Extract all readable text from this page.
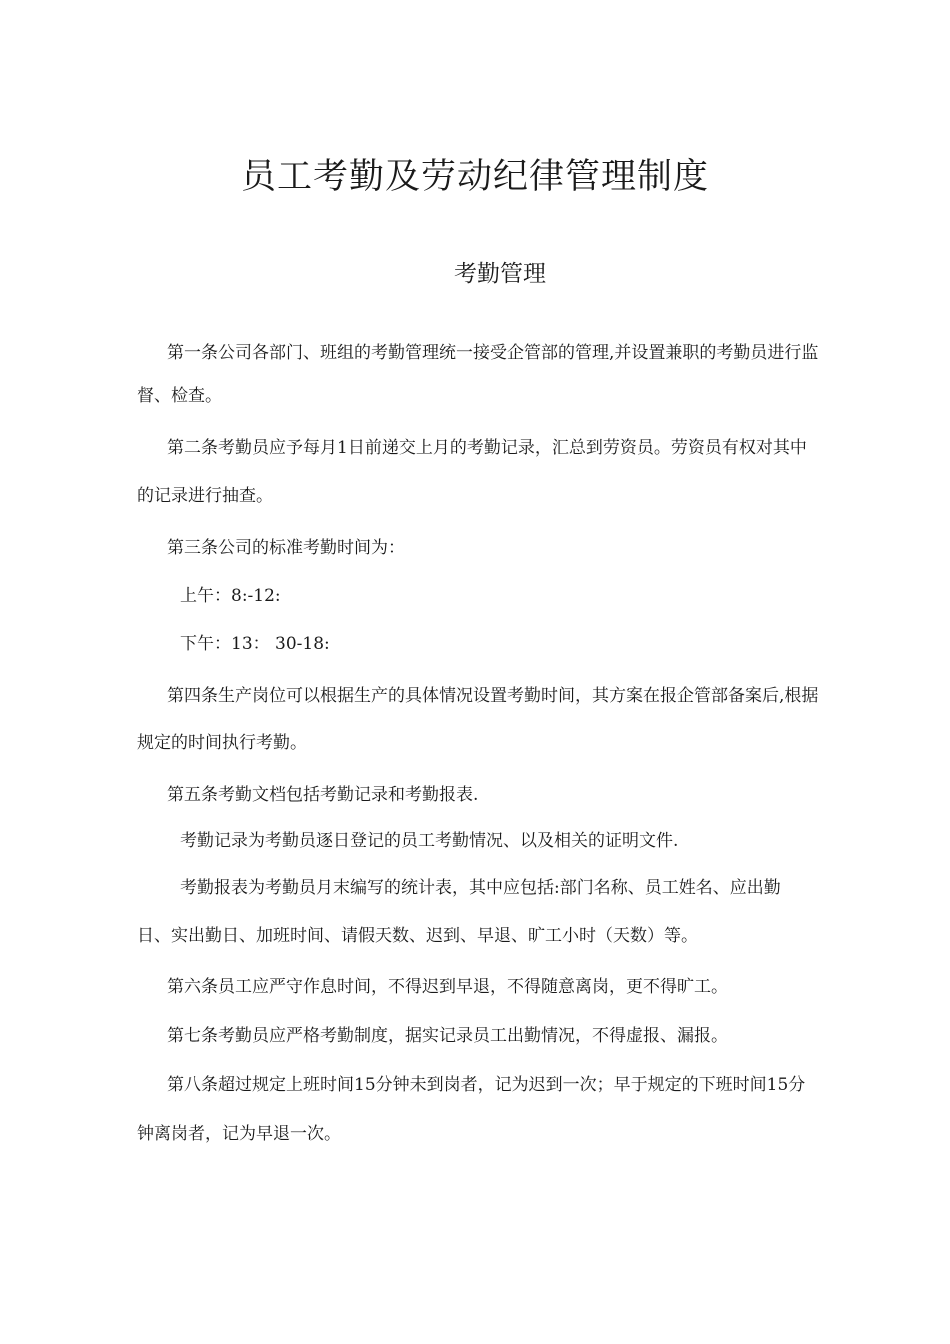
员工考勤及劳动纪律管理制度
考勤管理
第一条公司各部门、班组的考勤管理统一接受企管部的管理,并设置兼职的考勤员进行监
督、检查。
第二条考勤员应予每月1日前递交上月的考勤记录，汇总到劳资员。劳资员有权对其中
的记录进行抽查。
第三条公司的标准考勤时间为：
上午：8:-12:
下午：13： 30-18:
第四条生产岗位可以根据生产的具体情况设置考勤时间，其方案在报企管部备案后,根据
规定的时间执行考勤。
第五条考勤文档包括考勤记录和考勤报表.
考勤记录为考勤员逐日登记的员工考勤情况、以及相关的证明文件.
考勤报表为考勤员月末编写的统计表，其中应包括:部门名称、员工姓名、应出勤
日、实出勤日、加班时间、请假天数、迟到、早退、旷工小时（天数）等。
第六条员工应严守作息时间，不得迟到早退，不得随意离岗，更不得旷工。
第七条考勤员应严格考勤制度，据实记录员工出勤情况，不得虚报、漏报。
第八条超过规定上班时间15分钟未到岗者，记为迟到一次；早于规定的下班时间15分
钟离岗者，记为早退一次。
